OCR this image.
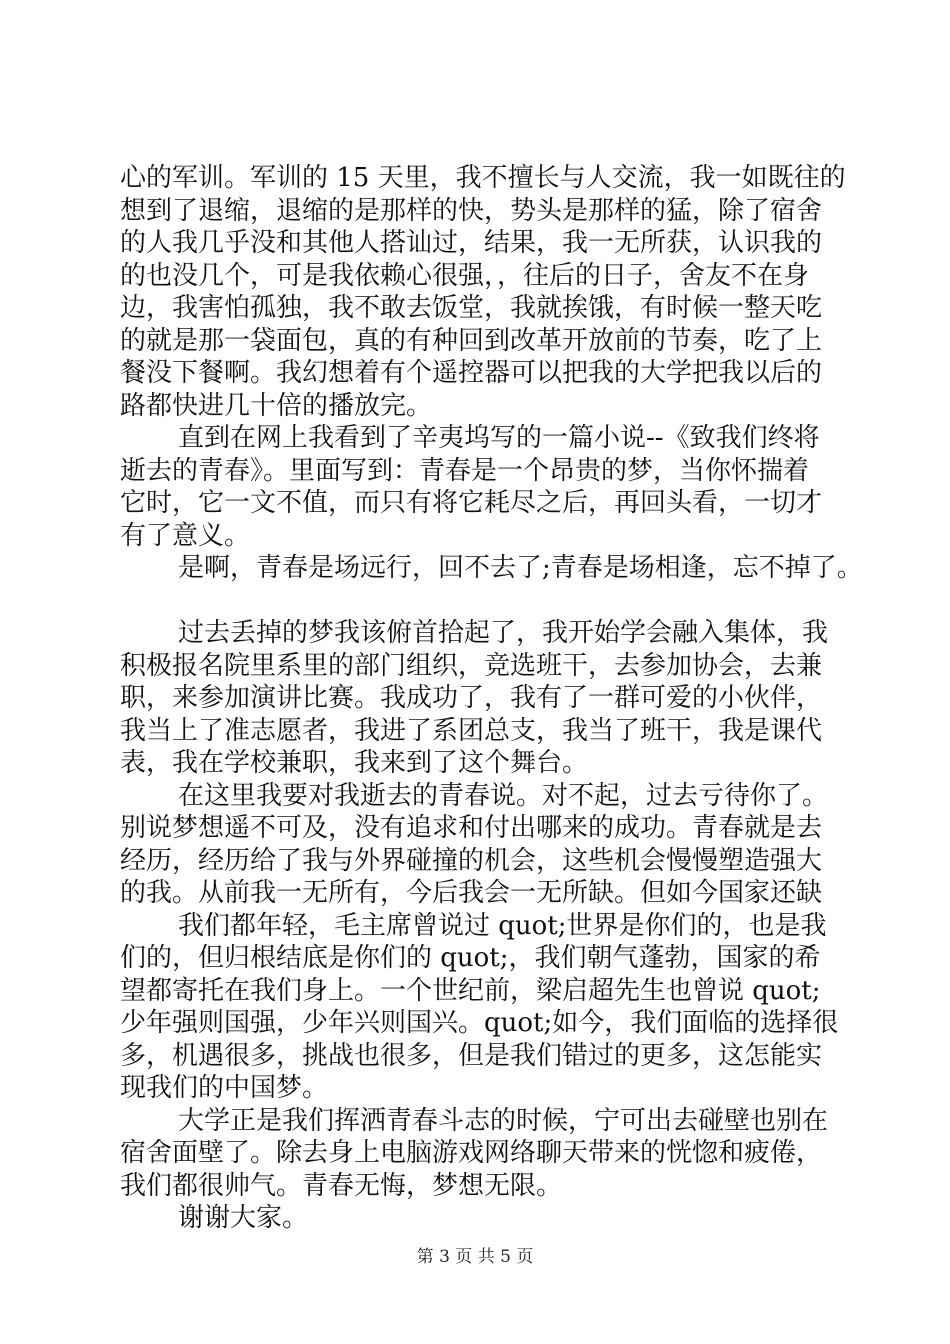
心的军训。军训的 15 天里，我不擅长与人交流，我一如既往的
想到了退缩，退缩的是那样的快，势头是那样的猛，除了宿舍
的人我几乎没和其他人搭讪过，结果，我一无所获，认识我的
的也没几个，可是我依赖心很强，，往后的日子，舍友不在身
边，我害怕孤独，我不敢去饭堂，我就挨饿，有时候一整天吃
的就是那一袋面包，真的有种回到改革开放前的节奏，吃了上
餐没下餐啊。我幻想着有个遥控器可以把我的大学把我以后的
路都快进几十倍的播放完。
直到在网上我看到了辛夷坞写的一篇小说--《致我们终将
逝去的青春》。里面写到：青春是一个昂贵的梦，当你怀揣着
它时，它一文不值，而只有将它耗尽之后，再回头看，一切才
有了意义。
是啊，青春是场远行，回不去了;青春是场相逢，忘不掉了。
过去丢掉的梦我该俯首拾起了，我开始学会融入集体，我
积极报名院里系里的部门组织，竞选班干，去参加协会，去兼
职，来参加演讲比赛。我成功了，我有了一群可爱的小伙伴，
我当上了准志愿者，我进了系团总支，我当了班干，我是课代
表，我在学校兼职，我来到了这个舞台。
在这里我要对我逝去的青春说。对不起，过去亏待你了。
别说梦想遥不可及，没有追求和付出哪来的成功。青春就是去
经历，经历给了我与外界碰撞的机会，这些机会慢慢塑造强大
的我。从前我一无所有，今后我会一无所缺。但如今国家还缺
我们都年轻，毛主席曾说过 quot;世界是你们的，也是我
们的，但归根结底是你们的 quot;，我们朝气蓬勃，国家的希
望都寄托在我们身上。一个世纪前，梁启超先生也曾说 quot;
少年强则国强，少年兴则国兴。quot;如今，我们面临的选择很
多，机遇很多，挑战也很多，但是我们错过的更多，这怎能实
现我们的中国梦。
大学正是我们挥洒青春斗志的时候，宁可出去碰壁也别在
宿舍面壁了。除去身上电脑游戏网络聊天带来的恍惚和疲倦，
我们都很帅气。青春无悔，梦想无限。
谢谢大家。
第 3 页 共 5 页
